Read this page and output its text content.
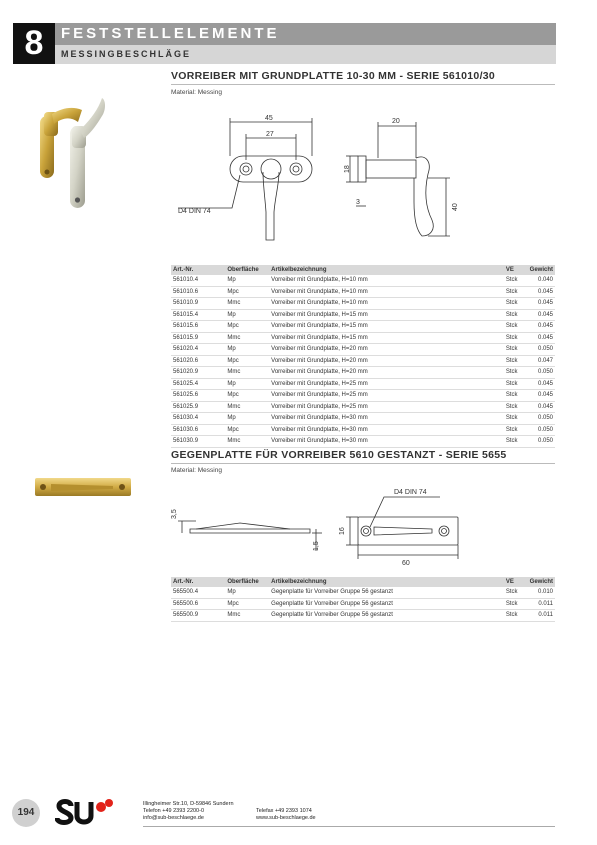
8	FESTSTELLELEMENTE
MESSINGBESCHLÄGE
VORREIBER MIT GRUNDPLATTE 10-30 MM - SERIE 561010/30
Material: Messing
45
27
D4 DIN 74
20
18
3
40
Art.-Nr.	Oberfläche	Artikelbezeichnung	VE	Gewicht
561010.4	Mp	Vorreiber mit Grundplatte, H=10 mm	Stck	0.040
561010.6	Mpc	Vorreiber mit Grundplatte, H=10 mm	Stck	0.045
561010.9	Mmc	Vorreiber mit Grundplatte, H=10 mm	Stck	0.045
561015.4	Mp	Vorreiber mit Grundplatte, H=15 mm	Stck	0.045
561015.6	Mpc	Vorreiber mit Grundplatte, H=15 mm	Stck	0.045
561015.9	Mmc	Vorreiber mit Grundplatte, H=15 mm	Stck	0.045
561020.4	Mp	Vorreiber mit Grundplatte, H=20 mm	Stck	0.050
561020.6	Mpc	Vorreiber mit Grundplatte, H=20 mm	Stck	0.047
561020.9	Mmc	Vorreiber mit Grundplatte, H=20 mm	Stck	0.050
561025.4	Mp	Vorreiber mit Grundplatte, H=25 mm	Stck	0.045
561025.6	Mpc	Vorreiber mit Grundplatte, H=25 mm	Stck	0.045
561025.9	Mmc	Vorreiber mit Grundplatte, H=25 mm	Stck	0.045
561030.4	Mp	Vorreiber mit Grundplatte, H=30 mm	Stck	0.050
561030.6	Mpc	Vorreiber mit Grundplatte, H=30 mm	Stck	0.050
561030.9	Mmc	Vorreiber mit Grundplatte, H=30 mm	Stck	0.050
GEGENPLATTE FÜR VORREIBER 5610 GESTANZT - SERIE 5655
Material: Messing
3,5
1,5
16
60
D4 DIN 74
Art.-Nr.	Oberfläche	Artikelbezeichnung	VE	Gewicht
565500.4	Mp	Gegenplatte für Vorreiber Gruppe 56 gestanzt	Stck	0.010
565500.6	Mpc	Gegenplatte für Vorreiber Gruppe 56 gestanzt	Stck	0.011
565500.9	Mmc	Gegenplatte für Vorreiber Gruppe 56 gestanzt	Stck	0.011
194
Illingheimer Str.10, D-59846 Sundern
Telefon +49 2393 2200-0	Telefax +49 2393 1074
info@sub-beschlaege.de	www.sub-beschlaege.de
